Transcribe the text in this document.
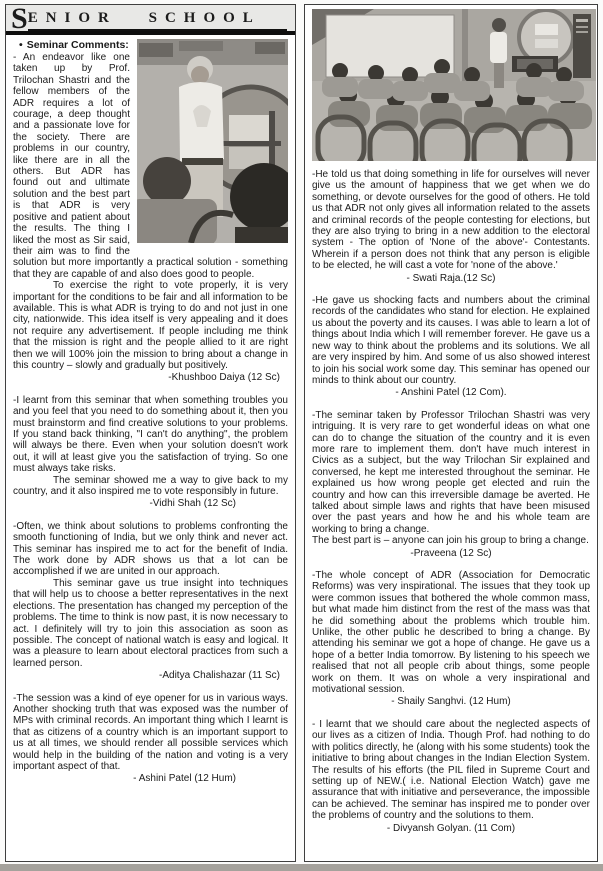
S ENIOR SCHOOL
• Seminar Comments:

- An endeavor like one taken up by Prof. Trilochan Shastri and the fellow members of the ADR requires a lot of courage, a deep thought and a passionate love for the society. There are problems in our country, like there are in all the others. But ADR has found out and ultimate solution and the best part is that ADR is very positive and patient about the results. The thing I liked the most as Sir said, their aim was to find the solution but more importantly a practical solution - something that they are capable of and also does good to people.

To exercise the right to vote properly, it is very important for the conditions to be fair and all information to be available. This is what ADR is trying to do and not just in one city, nationwide. This idea itself is very appealing and it does not require any advertisement. If people including me think that the mission is right and the people allied to it are right then we will 100% join the mission to bring about a change in this country – slowly and gradually but positively.

-Khushboo Daiya (12 Sc)

-I learnt from this seminar that when something troubles you and you feel that you need to do something about it, then you must brainstorm and find creative solutions to your problems. If you stand back thinking, "I can't do anything", the problem will always be there. Even when your solution doesn't work out, it will at least give you the satisfaction of trying. So one must always take risks.

The seminar showed me a way to give back to my country, and it also inspired me to vote responsibly in future.

-Vidhi Shah (12 Sc)

-Often, we think about solutions to problems confronting the smooth functioning of India, but we only think and never act. This seminar has inspired me to act for the benefit of India. The work done by ADR shows us that a lot can be accomplished if we are united in our approach.

This seminar gave us true insight into techniques that will help us to choose a better representatives in the next elections. The presentation has changed my perception of the problems. The time to think is now past, it is now necessary to act. I definitely will try to join this association as soon as possible. The concept of national watch is easy and logical. It was a pleasure to learn about electoral practices from such a learned person.

-Aditya Chalishazar (11 Sc)

-The session was a kind of eye opener for us in various ways. Another shocking truth that was exposed was the number of MPs with criminal records. An important thing which I learnt is that as citizens of a country which is an important support to us at all times, we should render all possible services which would help in the building of the nation and voting is a very important aspect of that.

- Ashini Patel (12 Hum)

-He told us that doing something in life for ourselves will never give us the amount of happiness that we get when we do something, or devote ourselves for the good of others. He told us that ADR not only gives all information related to the assets and criminal records of the people contesting for elections, but they are also trying to bring in a new addition to the electoral system - The option of 'None of the above'- Contestants. Wherein if a person does not think that any person is eligible to be elected, he will cast a vote for 'none of the above.'

- Swati Raja.(12 Sc)

-He gave us shocking facts and numbers about the criminal records of the candidates who stand for election. He explained us about the poverty and its causes. I was able to learn a lot of things about India which I will remember forever. He gave us a new way to think about the problems and its solutions. We all are very inspired by him. And some of us also showed interest to join his social work some day. This seminar has opened our minds to think about our country.

- Anshini Patel (12 Com).

-The seminar taken by Professor Trilochan Shastri was very intriguing. It is very rare to get wonderful ideas on what one can do to change the situation of the country and it is even more rare to implement them. don't have much interest in Civics as a subject, but the way Trilochan Sir explained and conversed, he kept me interested throughout the seminar. He explained us how wrong people get elected and ruin the country and how can this irreversible damage be averted. He talked about simple laws and rights that have been misused over the past years and how he and his whole team are working to bring a change.

The best part is – anyone can join his group to bring a change.

-Praveena (12 Sc)

-The whole concept of ADR (Association for Democratic Reforms) was very inspirational. The issues that they took up were common issues that bothered the whole common mass, but what made him distinct from the rest of the mass was that he did something about the problems which trouble him. Unlike, the other public he described to bring a change. By attending his seminar we got a hope of change. He gave us a hope of a better India tomorrow. By listening to his speech we realised that not all people crib about things, some people work on them. It was on whole a very inspirational and motivational session.

- Shaily Sanghvi. (12 Hum)

- I learnt that we should care about the neglected aspects of our lives as a citizen of India. Though Prof. had nothing to do with politics directly, he (along with his some students) took the initiative to bring about changes in the Indian Election System. The results of his efforts (the PIL filed in Supreme Court and setting up of NEW.( i.e. National Election Watch) gave me assurance that with initiative and perseverance, the impossible can be achieved. The seminar has inspired me to ponder over the problems of country and the solutions to them.

- Divyansh Golyan. (11 Com)
